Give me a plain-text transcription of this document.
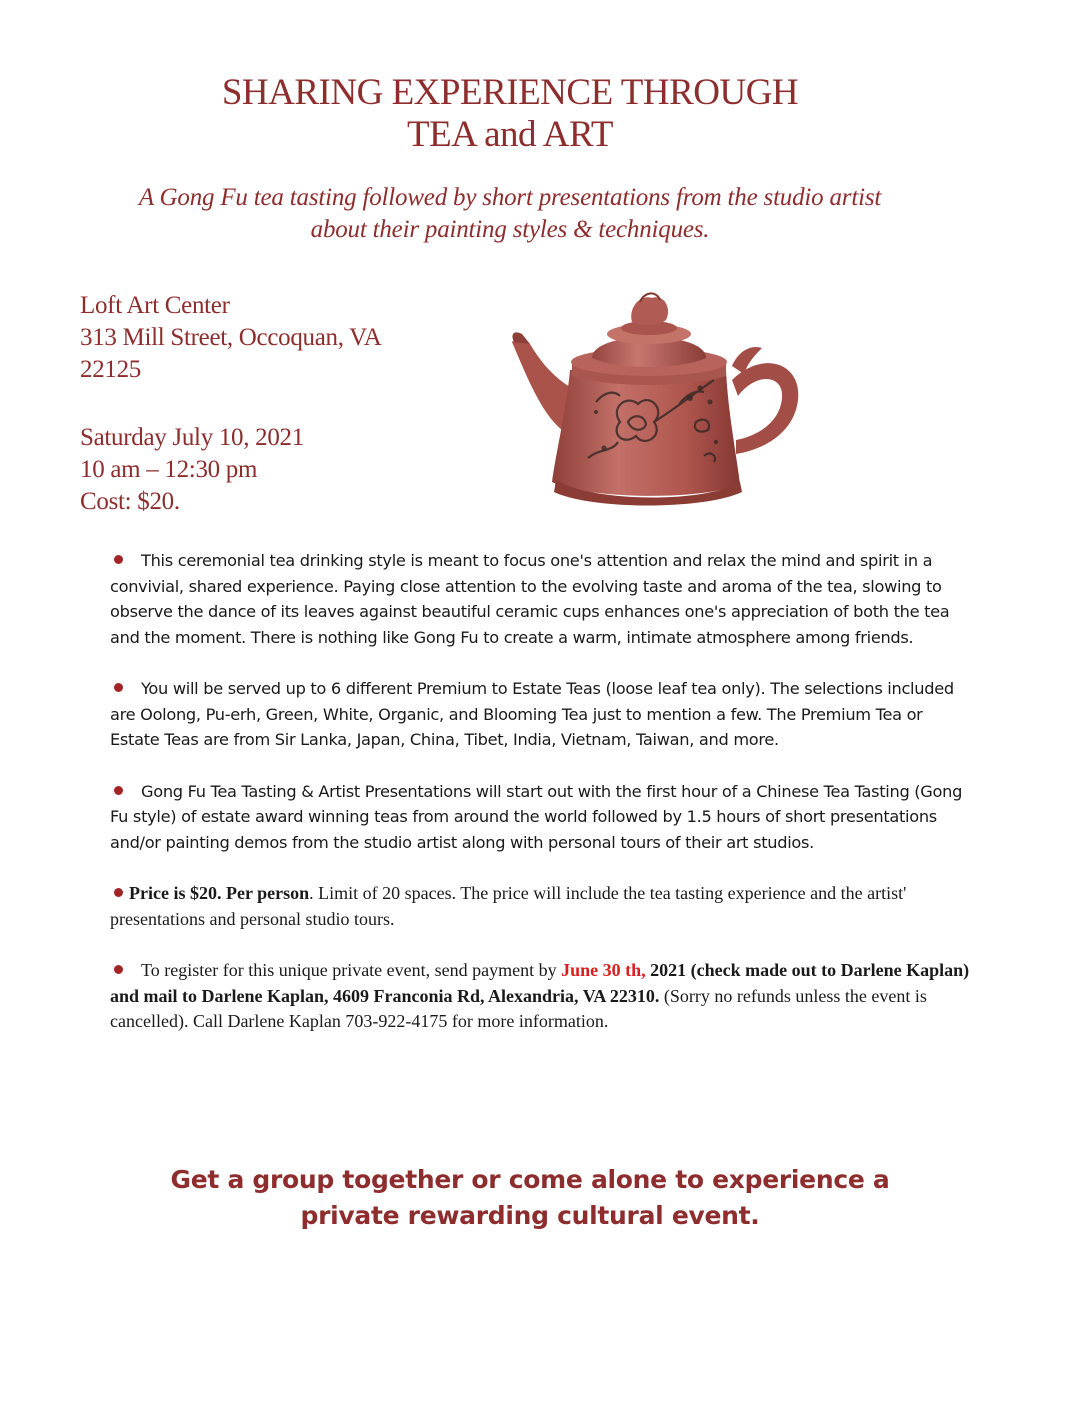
SHARING EXPERIENCE THROUGH
TEA and ART
A Gong Fu tea tasting followed by short presentations from the studio artist
about their painting styles & techniques.
Loft Art Center
313 Mill Street, Occoquan, VA
22125
Saturday July 10, 2021
10 am – 12:30 pm
Cost: $20.
This ceremonial tea drinking style is meant to focus one's attention and relax the mind and spirit in a convivial, shared experience. Paying close attention to the evolving taste and aroma of the tea, slowing to observe the dance of its leaves against beautiful ceramic cups enhances one's appreciation of both the tea and the moment. There is nothing like Gong Fu to create a warm, intimate atmosphere among friends.
You will be served up to 6 different Premium to Estate Teas (loose leaf tea only). The selections included are Oolong, Pu-erh, Green, White, Organic, and Blooming Tea just to mention a few. The Premium Tea or Estate Teas are from Sir Lanka, Japan, China, Tibet, India, Vietnam, Taiwan, and more.
Gong Fu Tea Tasting & Artist Presentations will start out with the first hour of a Chinese Tea Tasting (Gong Fu style) of estate award winning teas from around the world followed by 1.5 hours of short presentations and/or painting demos from the studio artist along with personal tours of their art studios.
Price is $20. Per person. Limit of 20 spaces. The price will include the tea tasting experience and the artist' presentations and personal studio tours.
To register for this unique private event, send payment by June 30 th, 2021 (check made out to Darlene Kaplan) and mail to Darlene Kaplan, 4609 Franconia Rd, Alexandria, VA 22310. (Sorry no refunds unless the event is cancelled). Call Darlene Kaplan 703-922-4175 for more information.
Get a group together or come alone to experience a
private rewarding cultural event.
